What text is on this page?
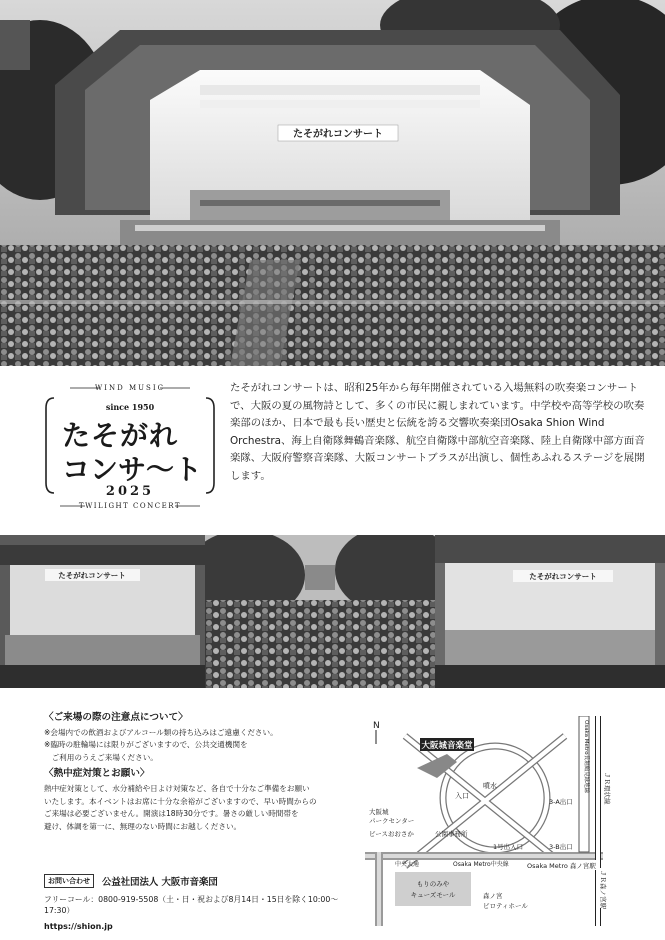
たそがれコンサート
WIND MUSIC
since 1950
たそがれ
コンサ〜ト
2025
TWILIGHT CONCERT

たそがれコンサートは、昭和25年から毎年開催されている入場無料の吹奏楽コンサートで、大阪の夏の風物詩として、多くの市民に親しまれています。中学校や高等学校の吹奏楽部のほか、日本で最も長い歴史と伝統を誇る交響吹奏楽団Osaka Shion Wind Orchestra、海上自衛隊舞鶴音楽隊、航空自衛隊中部航空音楽隊、陸上自衛隊中部方面音楽隊、大阪府警察音楽隊、大阪コンサートブラスが出演し、個性あふれるステージを展開します。

たそがれコンサート	たそがれコンサート
〈ご来場の際の注意点について〉

※会場内での飲酒およびアルコール類の持ち込みはご遠慮ください。

※臨時の駐輪場には限りがございますので、公共交通機関を

　ご利用のうえご来場ください。

〈熱中症対策とお願い〉

熱中症対策として、水分補給や日よけ対策など、各自で十分なご準備をお願い

いたします。本イベントはお席に十分な余裕がございますので、早い時間からの

ご来場は必要ございません。開演は18時30分です。暑さの厳しい時間帯を

避け、体調を第一に、無理のない時間にお越しください。

お問い合わせ	公益社団法人 大阪市音楽団
フリーコール：0800-919-5508（土・日・祝および8月14日・15日を除く10:00〜17:30）
https://shion.jp
N
大阪城音楽堂
入口
噴水
大阪城
パークセンター
ピースおおさか	公園事務所
1号出入口	3-B出口
3-A出口
Osaka Metro長堀鶴見緑地線	ＪＲ環状線
中央大通	Osaka Metro中央線	Osaka Metro 森ノ宮駅
ＪＲ森ノ宮駅
もりのみや
キューズモール	森ノ宮
ピロティホール
